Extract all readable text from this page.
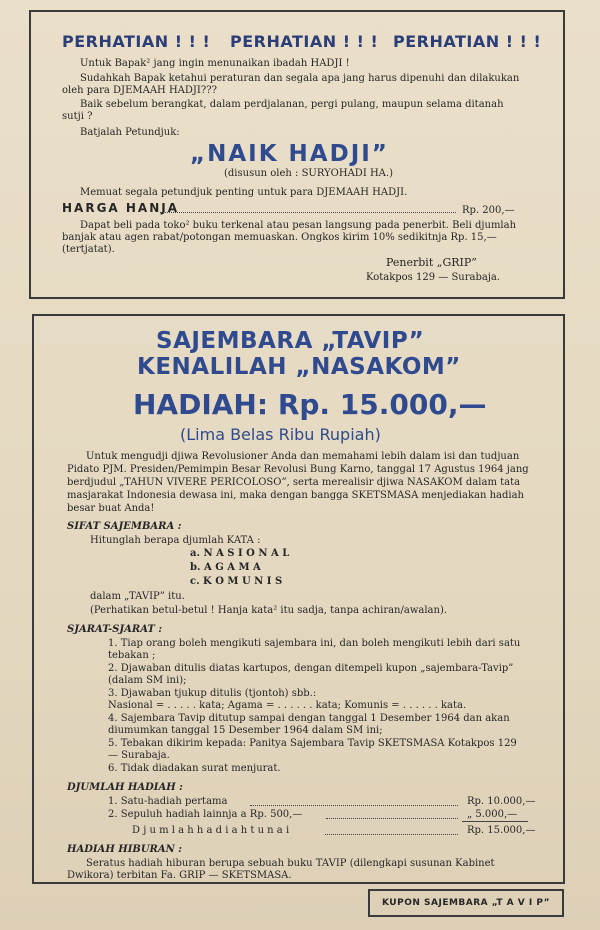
PERHATIAN ! ! ! PERHATIAN ! ! ! PERHATIAN ! ! !
Untuk Bapak² jang ingin menunaikan ibadah HADJI !
Sudahkah Bapak ketahui peraturan dan segala apa jang harus dipenuhi dan dilakukan
oleh para DJEMAAH HADJI???
Baik sebelum berangkat, dalam perdjalanan, pergi pulang, maupun selama ditanah
sutji ?
Batjalah Petundjuk:
„NAIK HADJI”
(disusun oleh : SURYOHADI HA.)
Memuat segala petundjuk penting untuk para DJEMAAH HADJI.
HARGA HANJA	Rp. 200,—
Dapat beli pada toko² buku terkenal atau pesan langsung pada penerbit. Beli djumlah
banjak atau agen rabat/potongan memuaskan. Ongkos kirim 10% sedikitnja Rp. 15,—
(tertjatat).
Penerbit „GRIP”
Kotakpos 129 — Surabaja.
SAJEMBARA „TAVIP”
KENALILAH „NASAKOM”
HADIAH: Rp. 15.000,—
(Lima Belas Ribu Rupiah)
Untuk mengudji djiwa Revolusioner Anda dan memahami lebih dalam isi dan tudjuan
Pidato PJM. Presiden/Pemimpin Besar Revolusi Bung Karno, tanggal 17 Agustus 1964 jang
berdjudul „TAHUN VIVERE PERICOLOSO”, serta merealisir djiwa NASAKOM dalam tata
masjarakat Indonesia dewasa ini, maka dengan bangga SKETSMASA menjediakan hadiah
besar buat Anda!
SIFAT SAJEMBARA :
Hitunglah berapa djumlah KATA :
a. N A S I O N A L
b. A G A M A
c. K O M U N I S
dalam „TAVIP” itu.
(Perhatikan betul-betul ! Hanja kata² itu sadja, tanpa achiran/awalan).
SJARAT-SJARAT :
1. Tiap orang boleh mengikuti sajembara ini, dan boleh mengikuti lebih dari satu
tebakan ;
2. Djawaban ditulis diatas kartupos, dengan ditempeli kupon „sajembara-Tavip”
(dalam SM ini);
3. Djawaban tjukup ditulis (tjontoh) sbb.:
Nasional = . . . . . kata; Agama = . . . . . . kata; Komunis = . . . . . . kata.
4. Sajembara Tavip ditutup sampai dengan tanggal 1 Desember 1964 dan akan
diumumkan tanggal 15 Desember 1964 dalam SM ini;
5. Tebakan dikirim kepada: Panitya Sajembara Tavip SKETSMASA Kotakpos 129
— Surabaja.
6. Tidak diadakan surat menjurat.
DJUMLAH HADIAH :
1. Satu-hadiah pertama	Rp. 10.000,—
2. Sepuluh hadiah lainnja a Rp. 500,—	„ 5.000,—
D j u m l a h h a d i a h t u n a i	Rp. 15.000,—
HADIAH HIBURAN :
Seratus hadiah hiburan berupa sebuah buku TAVIP (dilengkapi susunan Kabinet
Dwikora) terbitan Fa. GRIP — SKETSMASA.
KUPON SAJEMBARA „T A V I P”
